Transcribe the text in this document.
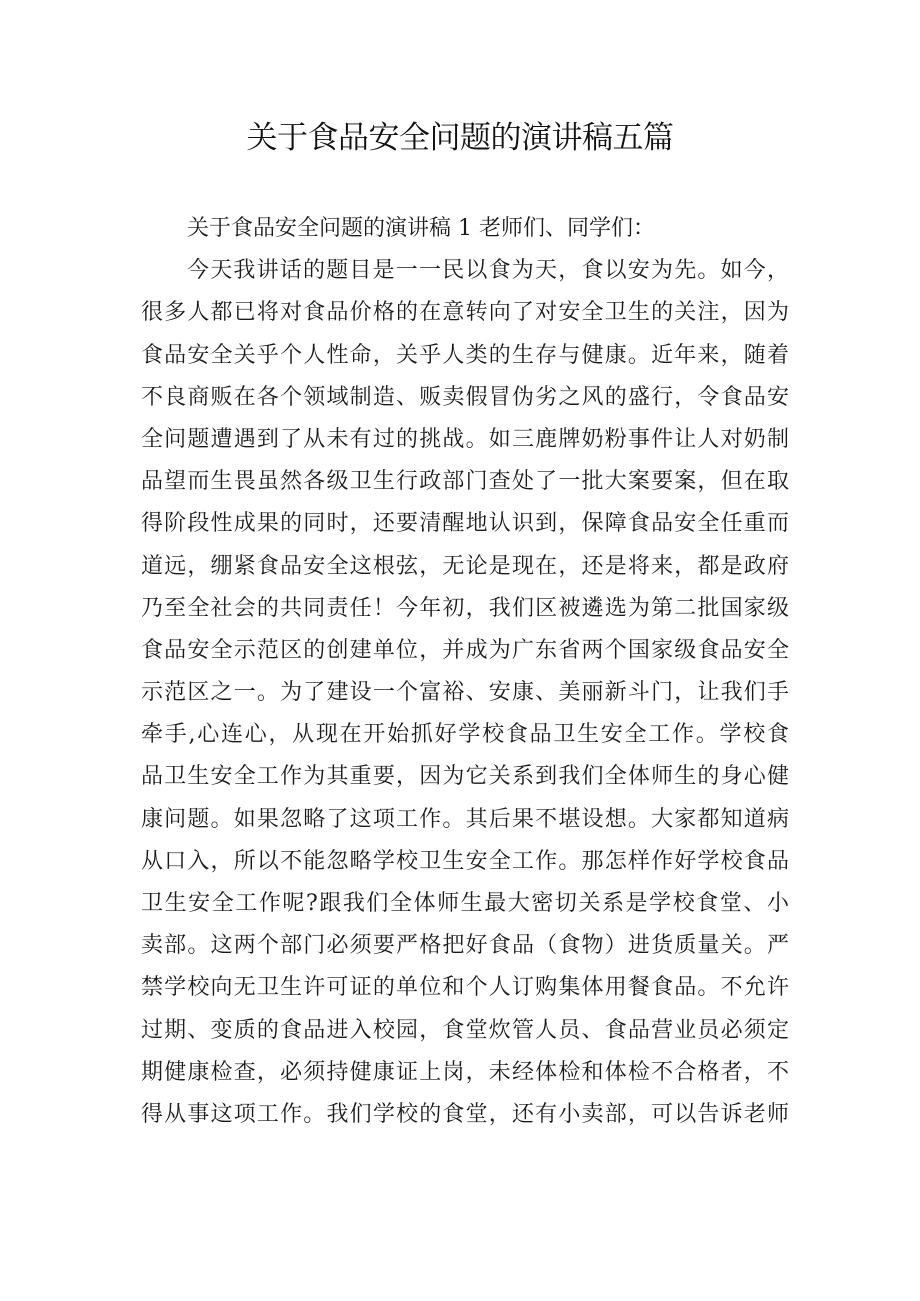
关于食品安全问题的演讲稿五篇
关于食品安全问题的演讲稿 1 老师们、同学们：
今天我讲话的题目是一一民以食为天，食以安为先。如今，
很多人都已将对食品价格的在意转向了对安全卫生的关注，因为
食品安全关乎个人性命，关乎人类的生存与健康。近年来，随着
不良商贩在各个领域制造、贩卖假冒伪劣之风的盛行，令食品安
全问题遭遇到了从未有过的挑战。如三鹿牌奶粉事件让人对奶制
品望而生畏虽然各级卫生行政部门查处了一批大案要案，但在取
得阶段性成果的同时，还要清醒地认识到，保障食品安全任重而
道远，绷紧食品安全这根弦，无论是现在，还是将来，都是政府
乃至全社会的共同责任！今年初，我们区被遴选为第二批国家级
食品安全示范区的创建单位，并成为广东省两个国家级食品安全
示范区之一。为了建设一个富裕、安康、美丽新斗门，让我们手
牵手,心连心，从现在开始抓好学校食品卫生安全工作。学校食
品卫生安全工作为其重要，因为它关系到我们全体师生的身心健
康问题。如果忽略了这项工作。其后果不堪设想。大家都知道病
从口入，所以不能忽略学校卫生安全工作。那怎样作好学校食品
卫生安全工作呢?跟我们全体师生最大密切关系是学校食堂、小
卖部。这两个部门必须要严格把好食品（食物）进货质量关。严
禁学校向无卫生许可证的单位和个人订购集体用餐食品。不允许
过期、变质的食品进入校园，食堂炊管人员、食品营业员必须定
期健康检查，必须持健康证上岗，未经体检和体检不合格者，不
得从事这项工作。我们学校的食堂，还有小卖部，可以告诉老师
